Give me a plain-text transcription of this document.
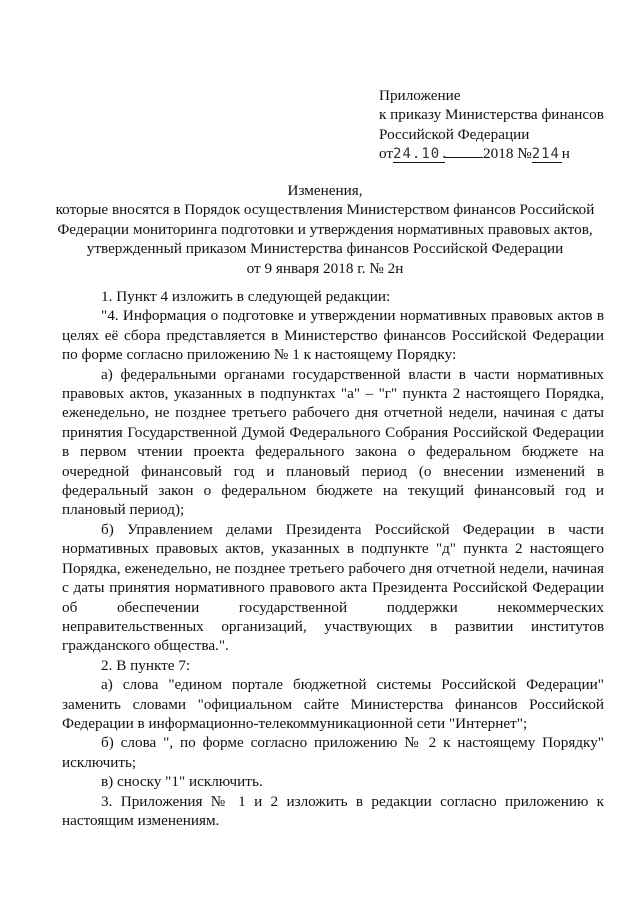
Приложение
к приказу Министерства финансов
Российской Федерации
от24.10. 2018 №214 н
Изменения,
которые вносятся в Порядок осуществления Министерством финансов Российской
Федерации мониторинга подготовки и утверждения нормативных правовых актов,
утвержденный приказом Министерства финансов Российской Федерации
от 9 января 2018 г. № 2н

1. Пункт 4 изложить в следующей редакции:

"4. Информация о подготовке и утверждении нормативных правовых актов в целях её сбора представляется в Министерство финансов Российской Федерации по форме согласно приложению № 1 к настоящему Порядку:

а) федеральными органами государственной власти в части нормативных правовых актов, указанных в подпунктах "а" – "г" пункта 2 настоящего Порядка, еженедельно, не позднее третьего рабочего дня отчетной недели, начиная с даты принятия Государственной Думой Федерального Собрания Российской Федерации в первом чтении проекта федерального закона о федеральном бюджете на очередной финансовый год и плановый период (о внесении изменений в федеральный закон о федеральном бюджете на текущий финансовый год и плановый период);

б) Управлением делами Президента Российской Федерации в части нормативных правовых актов, указанных в подпункте "д" пункта 2 настоящего Порядка, еженедельно, не позднее третьего рабочего дня отчетной недели, начиная с даты принятия нормативного правового акта Президента Российской Федерации об обеспечении государственной поддержки некоммерческих неправительственных организаций, участвующих в развитии институтов гражданского общества.".

2. В пункте 7:

а) слова "едином портале бюджетной системы Российской Федерации" заменить словами "официальном сайте Министерства финансов Российской Федерации в информационно-телекоммуникационной сети "Интернет";

б) слова ", по форме согласно приложению № 2 к настоящему Порядку" исключить;

в) сноску "1" исключить.

3. Приложения № 1 и 2 изложить в редакции согласно приложению к настоящим изменениям.
